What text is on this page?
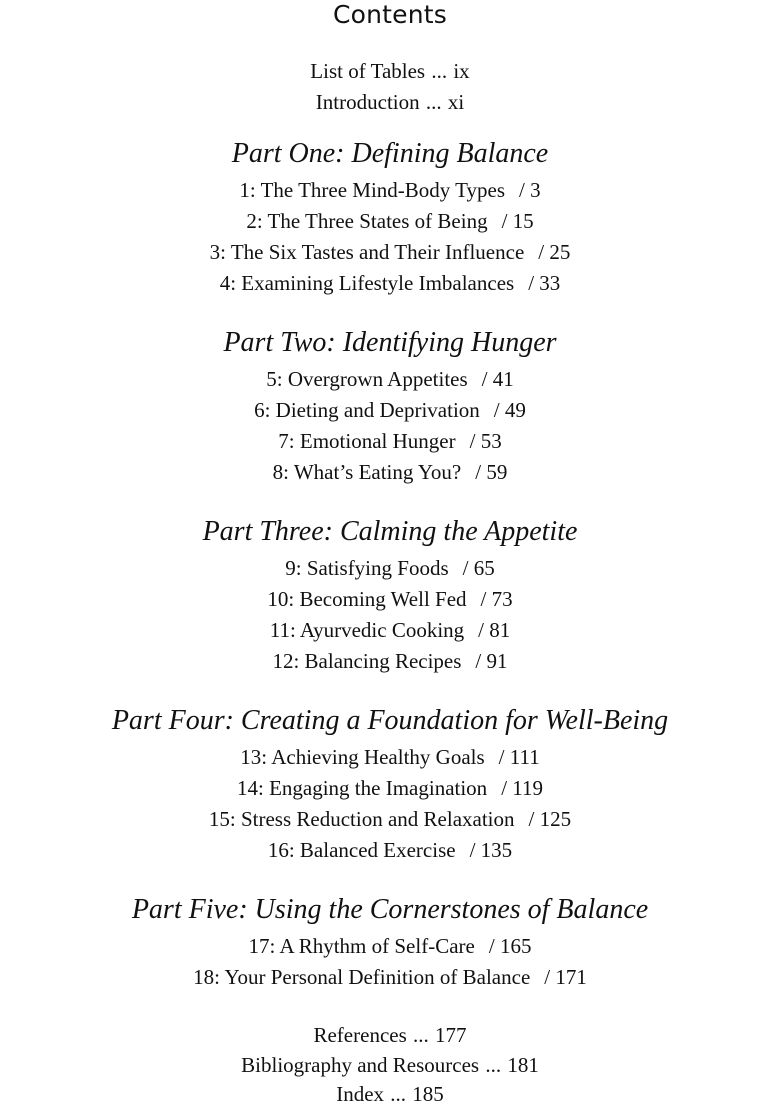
Contents
List of Tables ... ix
Introduction ... xi
Part One: Defining Balance
1: The Three Mind-Body Types / 3
2: The Three States of Being / 15
3: The Six Tastes and Their Influence / 25
4: Examining Lifestyle Imbalances / 33
Part Two: Identifying Hunger
5: Overgrown Appetites / 41
6: Dieting and Deprivation / 49
7: Emotional Hunger / 53
8: What’s Eating You? / 59
Part Three: Calming the Appetite
9: Satisfying Foods / 65
10: Becoming Well Fed / 73
11: Ayurvedic Cooking / 81
12: Balancing Recipes / 91
Part Four: Creating a Foundation for Well-Being
13: Achieving Healthy Goals / 111
14: Engaging the Imagination / 119
15: Stress Reduction and Relaxation / 125
16: Balanced Exercise / 135
Part Five: Using the Cornerstones of Balance
17: A Rhythm of Self-Care / 165
18: Your Personal Definition of Balance / 171
References ... 177
Bibliography and Resources ... 181
Index ... 185
